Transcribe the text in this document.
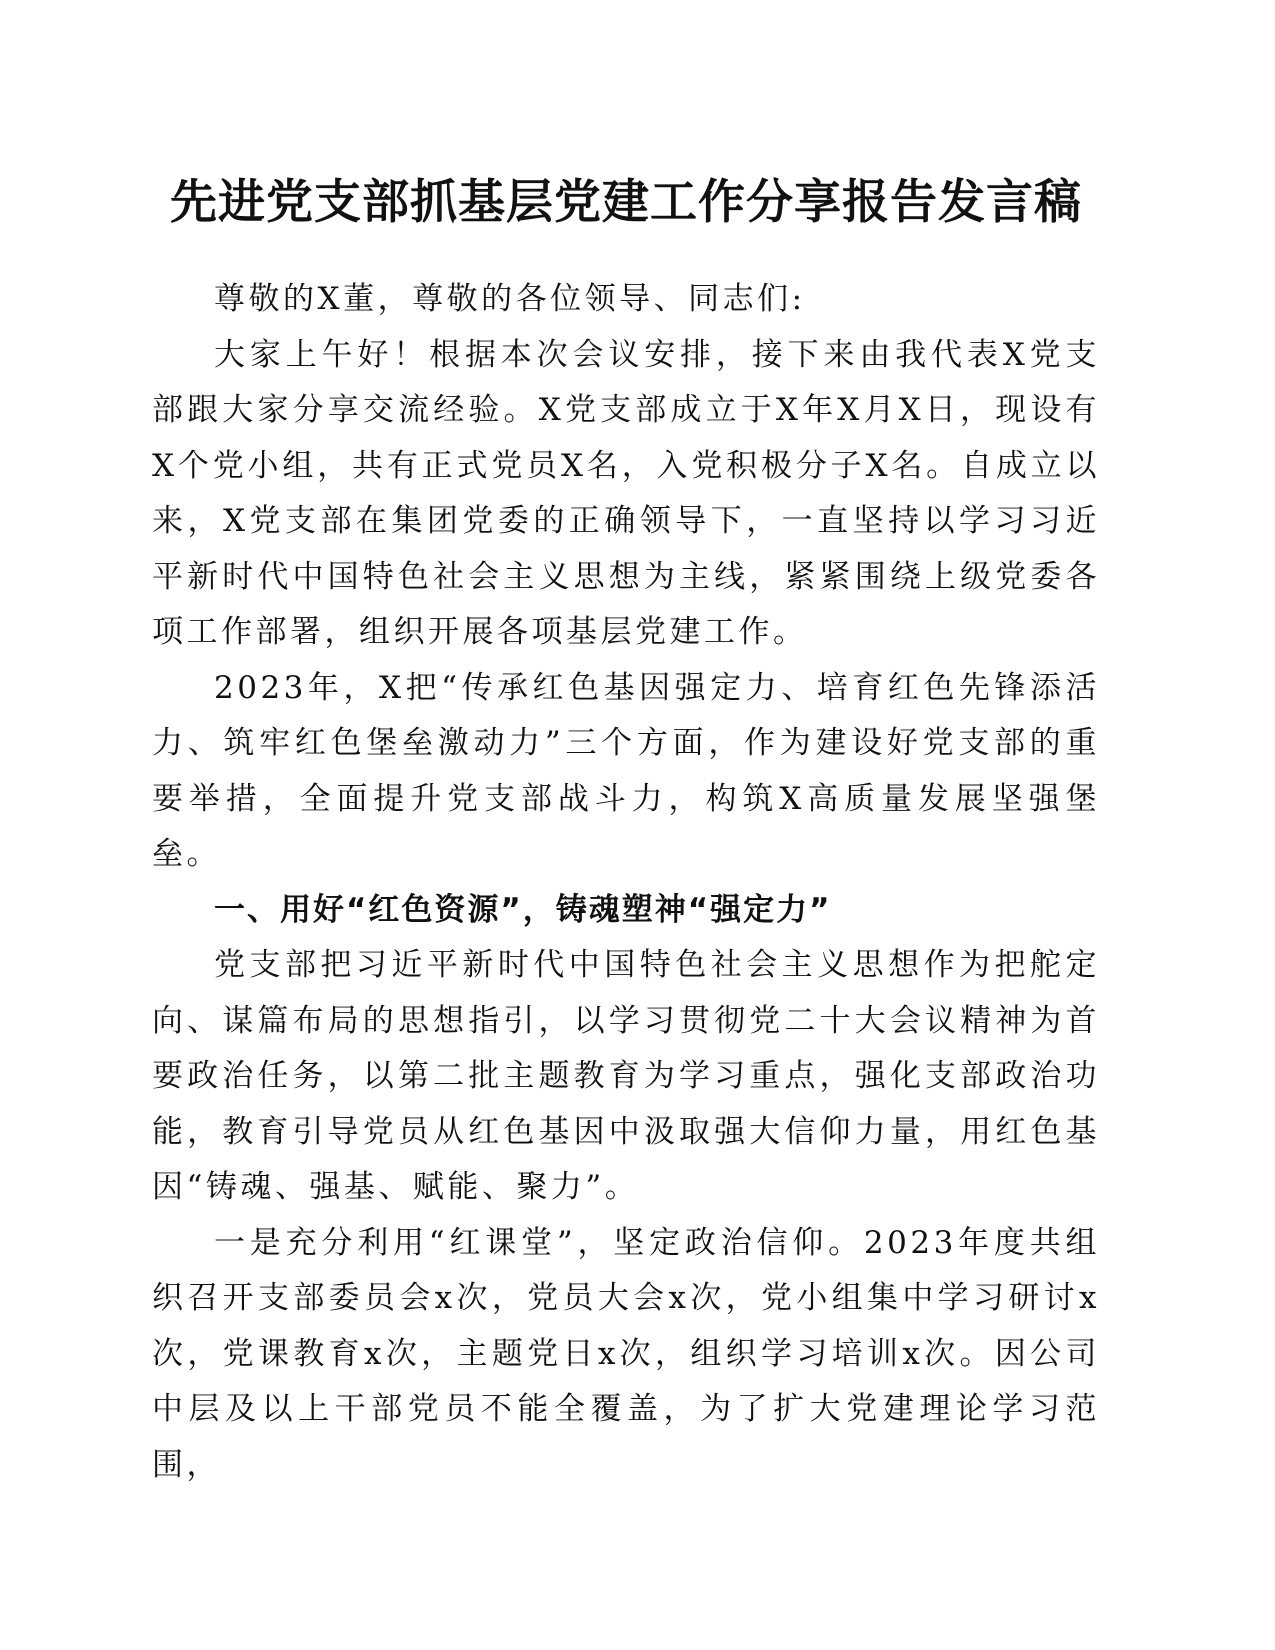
先进党支部抓基层党建工作分享报告发言稿

尊敬的X董，尊敬的各位领导、同志们:

大家上午好！根据本次会议安排，接下来由我代表X党支部跟大家分享交流经验。X党支部成立于X年X月X日，现设有X个党小组，共有正式党员X名，入党积极分子X名。自成立以来，X党支部在集团党委的正确领导下，一直坚持以学习习近平新时代中国特色社会主义思想为主线，紧紧围绕上级党委各项工作部署，组织开展各项基层党建工作。

2023年，X把“传承红色基因强定力、培育红色先锋添活力、筑牢红色堡垒激动力”三个方面，作为建设好党支部的重要举措，全面提升党支部战斗力，构筑X高质量发展坚强堡垒。

一、用好“红色资源”，铸魂塑神“强定力”

党支部把习近平新时代中国特色社会主义思想作为把舵定向、谋篇布局的思想指引，以学习贯彻党二十大会议精神为首要政治任务，以第二批主题教育为学习重点，强化支部政治功能，教育引导党员从红色基因中汲取强大信仰力量，用红色基因“铸魂、强基、赋能、聚力”。

一是充分利用“红课堂”，坚定政治信仰。2023年度共组织召开支部委员会x次，党员大会x次，党小组集中学习研讨x次，党课教育x次，主题党日x次，组织学习培训x次。因公司中层及以上干部党员不能全覆盖，为了扩大党建理论学习范围，
